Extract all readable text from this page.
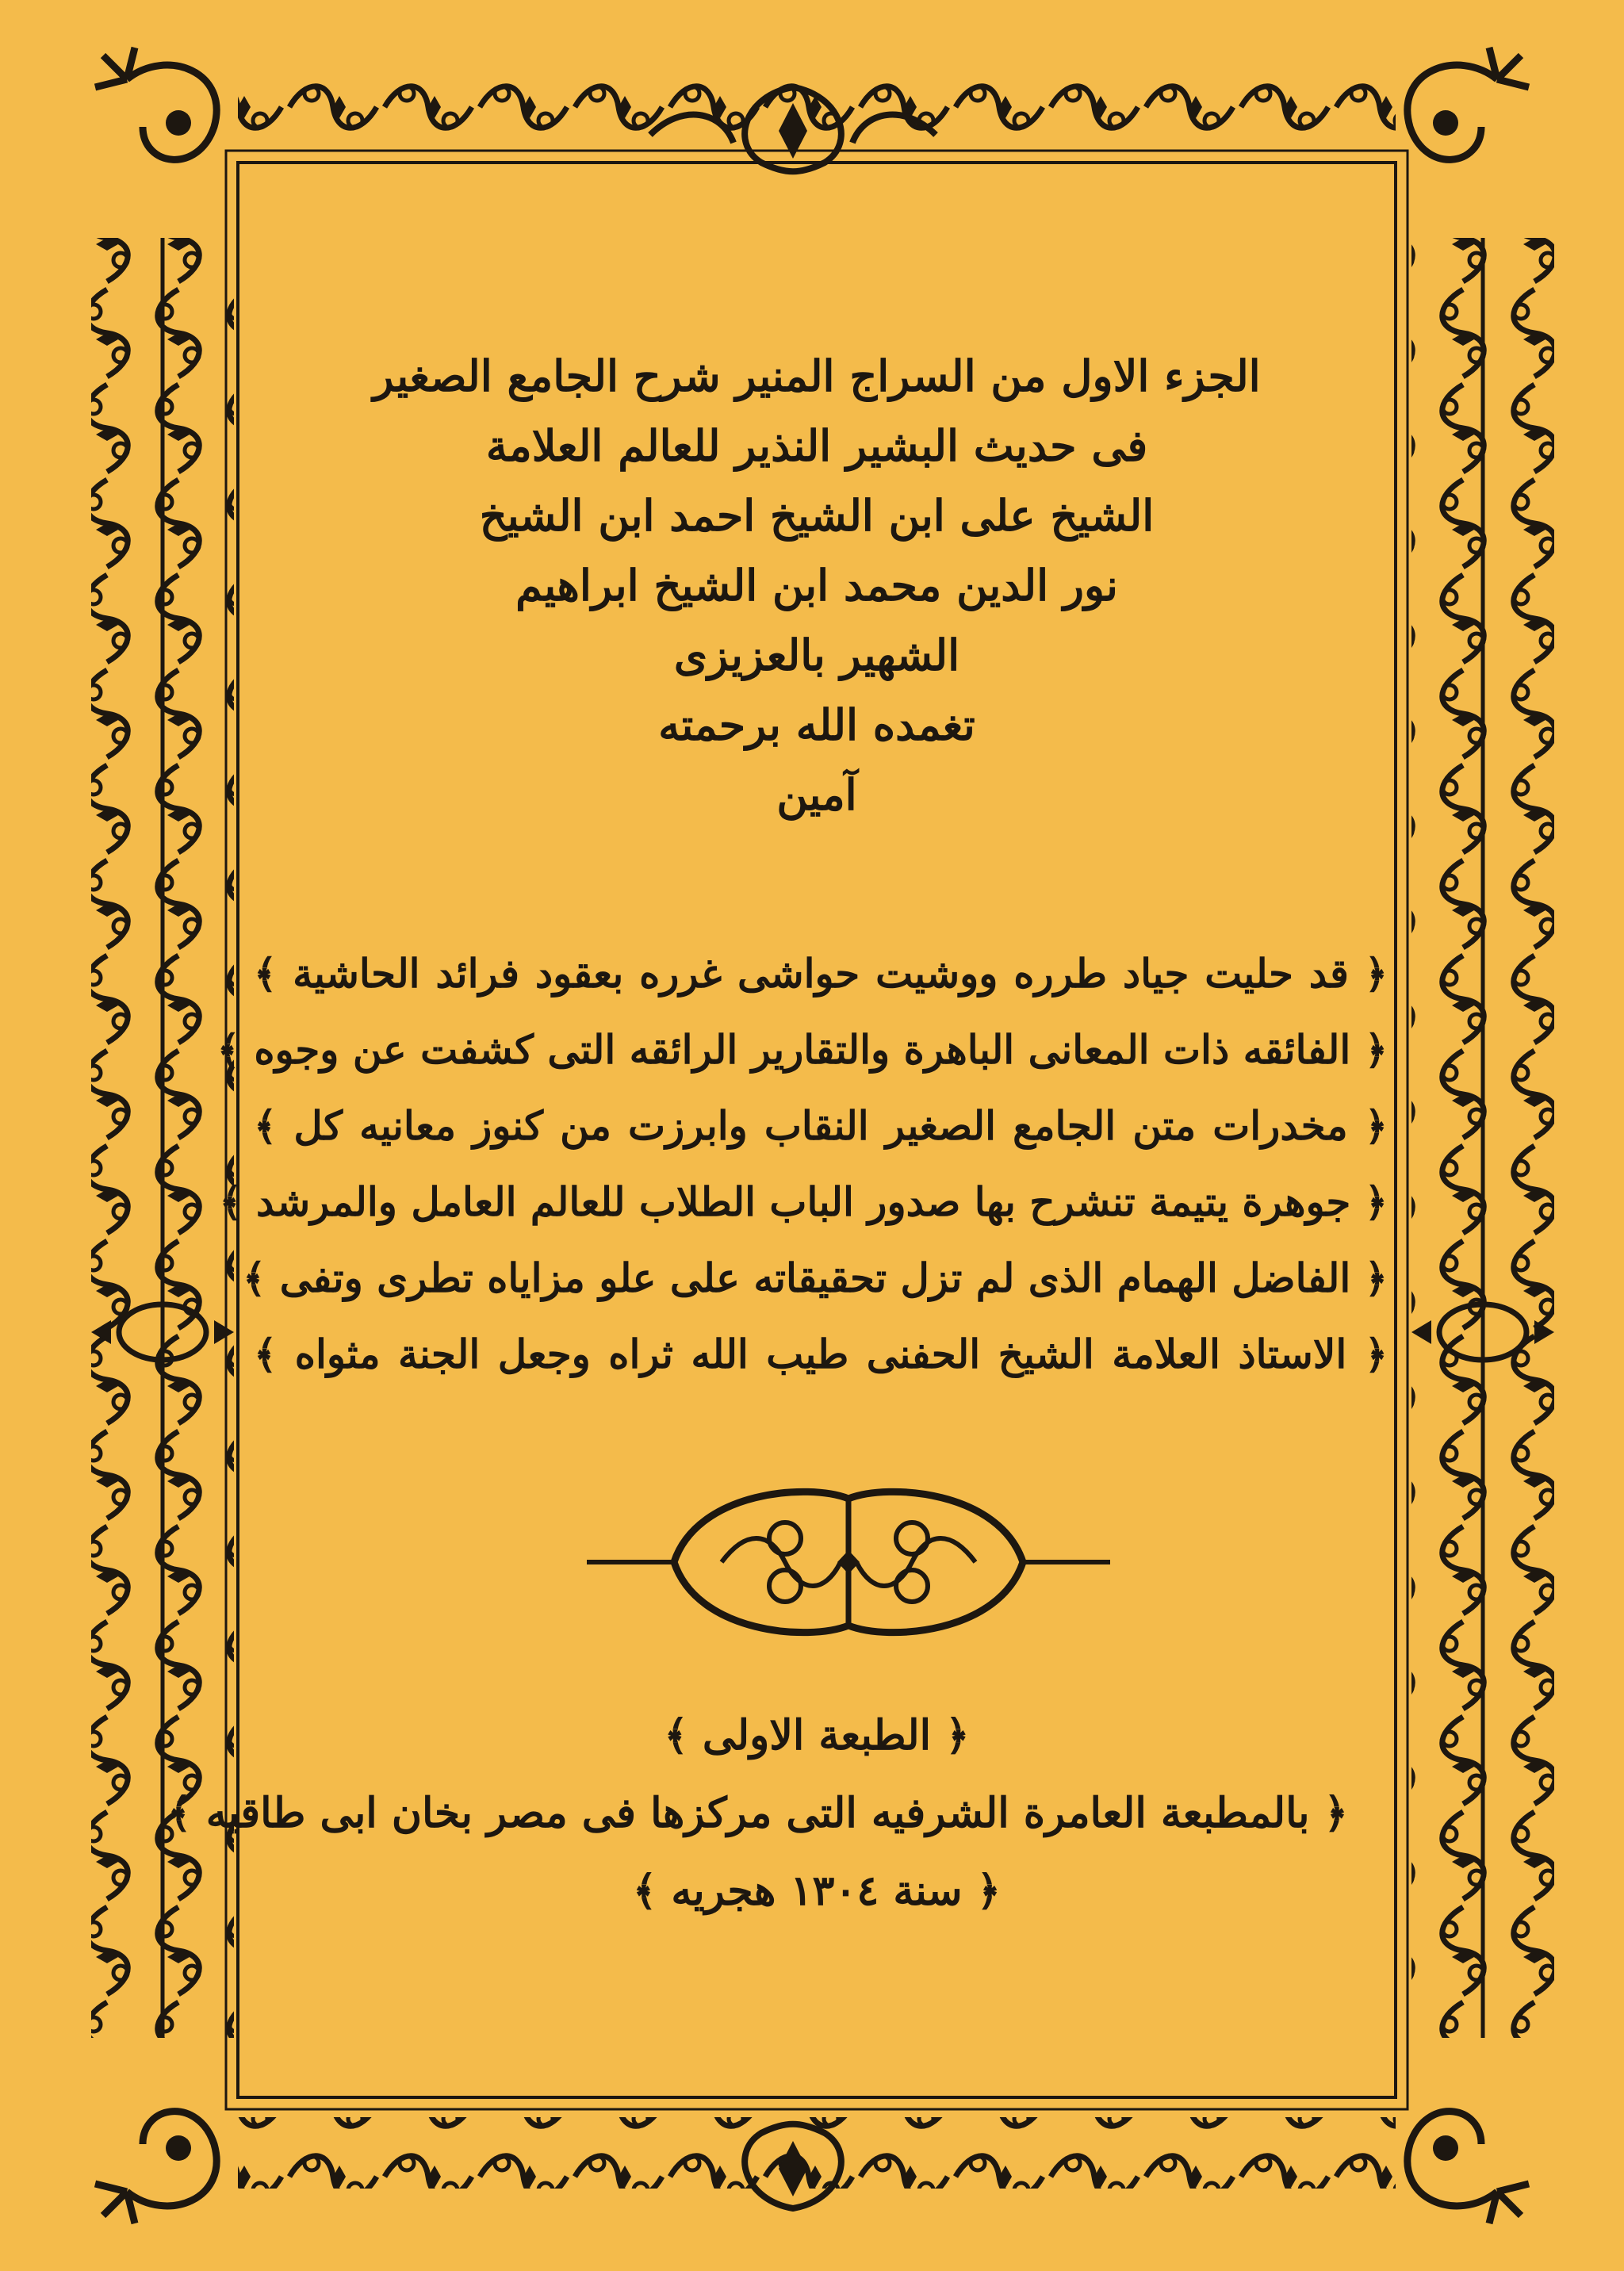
الجزء الاول من السراج المنير شرح الجامع الصغير
فى حديث البشير النذير للعالم العلامة
الشيخ على ابن الشيخ احمد ابن الشيخ
نور الدين محمد ابن الشيخ ابراهيم
الشهير بالعزيزى
تغمده الله برحمته
آمين
﴿ قد حليت جياد طرره ووشيت حواشى غرره بعقود فرائد الحاشية ﴾
﴿ الفائقه ذات المعانى الباهرة والتقارير الرائقه التى كشفت عن وجوه ﴾
﴿ مخدرات متن الجامع الصغير النقاب وابرزت من كنوز معانيه كل ﴾
﴿ جوهرة يتيمة تنشرح بها صدور الباب الطلاب للعالم العامل والمرشد ﴾
﴿ الفاضل الهمام الذى لم تزل تحقيقاته على علو مزاياه تطرى وتفى ﴾
﴿ الاستاذ العلامة الشيخ الحفنى طيب الله ثراه وجعل الجنة مثواه ﴾
﴿ الطبعة الاولى ﴾
﴿ بالمطبعة العامرة الشرفيه التى مركزها فى مصر بخان ابى طاقيه ﴾
﴿ سنة ١٣٠٤ هجريه ﴾
